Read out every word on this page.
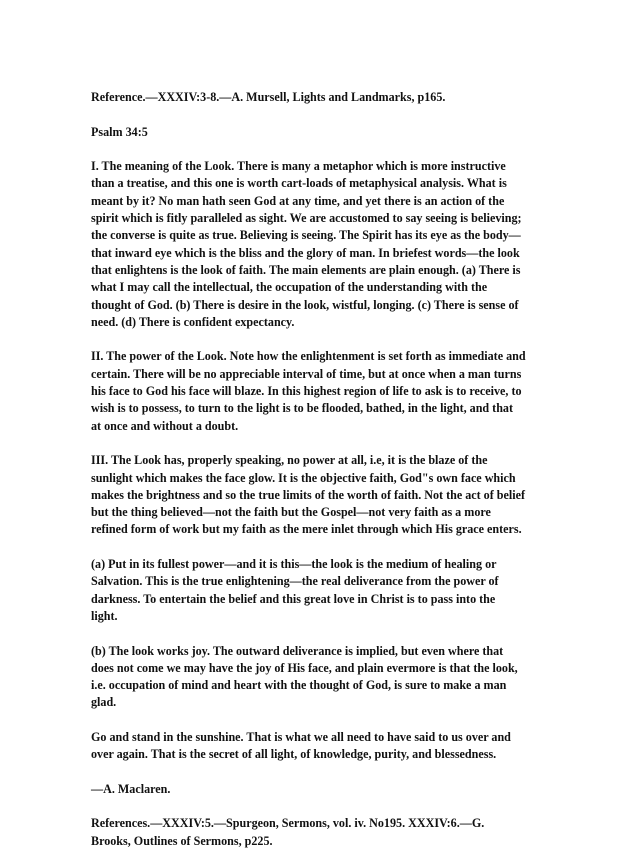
Reference.—XXXIV:3-8.—A. Mursell, Lights and Landmarks, p165.

Psalm 34:5

I. The meaning of the Look. There is many a metaphor which is more instructive
than a treatise, and this one is worth cart-loads of metaphysical analysis. What is
meant by it? No man hath seen God at any time, and yet there is an action of the
spirit which is fitly paralleled as sight. We are accustomed to say seeing is believing;
the converse is quite as true. Believing is seeing. The Spirit has its eye as the body—
that inward eye which is the bliss and the glory of man. In briefest words—the look
that enlightens is the look of faith. The main elements are plain enough. (a) There is
what I may call the intellectual, the occupation of the understanding with the
thought of God. (b) There is desire in the look, wistful, longing. (c) There is sense of
need. (d) There is confident expectancy.

II. The power of the Look. Note how the enlightenment is set forth as immediate and
certain. There will be no appreciable interval of time, but at once when a man turns
his face to God his face will blaze. In this highest region of life to ask is to receive, to
wish is to possess, to turn to the light is to be flooded, bathed, in the light, and that
at once and without a doubt.

III. The Look has, properly speaking, no power at all, i.e, it is the blaze of the
sunlight which makes the face glow. It is the objective faith, God"s own face which
makes the brightness and so the true limits of the worth of faith. Not the act of belief
but the thing believed—not the faith but the Gospel—not very faith as a more
refined form of work but my faith as the mere inlet through which His grace enters.

(a) Put in its fullest power—and it is this—the look is the medium of healing or
Salvation. This is the true enlightening—the real deliverance from the power of
darkness. To entertain the belief and this great love in Christ is to pass into the
light.

(b) The look works joy. The outward deliverance is implied, but even where that
does not come we may have the joy of His face, and plain evermore is that the look,
i.e. occupation of mind and heart with the thought of God, is sure to make a man
glad.

Go and stand in the sunshine. That is what we all need to have said to us over and
over again. That is the secret of all light, of knowledge, purity, and blessedness.

—A. Maclaren.

References.—XXXIV:5.—Spurgeon, Sermons, vol. iv. No195. XXXIV:6.—G.
Brooks, Outlines of Sermons, p225.
